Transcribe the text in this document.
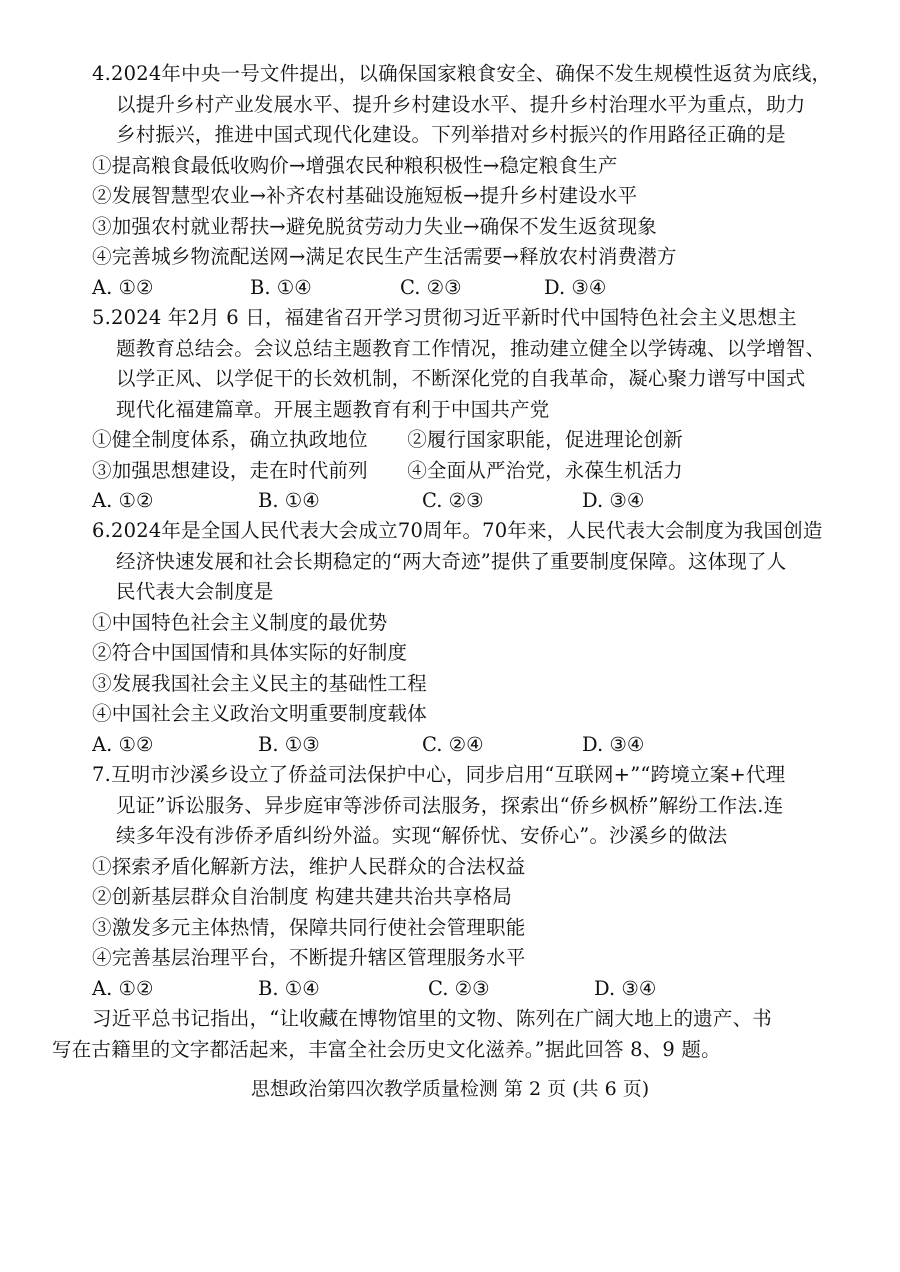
4.2024年中央一号文件提出，以确保国家粮食安全、确保不发生规模性返贫为底线，
以提升乡村产业发展水平、提升乡村建设水平、提升乡村治理水平为重点，助力
乡村振兴，推进中国式现代化建设。下列举措对乡村振兴的作用路径正确的是
①提高粮食最低收购价→增强农民种粮积极性→稳定粮食生产
②发展智慧型农业→补齐农村基础设施短板→提升乡村建设水平
③加强农村就业帮扶→避免脱贫劳动力失业→确保不发生返贫现象
④完善城乡物流配送网→满足农民生产生活需要→释放农村消费潜方
A. ①②	B. ①④	C. ②③	D. ③④
5.2024 年2月 6 日，福建省召开学习贯彻习近平新时代中国特色社会主义思想主
题教育总结会。会议总结主题教育工作情况，推动建立健全以学铸魂、以学增智、
以学正风、以学促干的长效机制，不断深化党的自我革命，凝心聚力谱写中国式
现代化福建篇章。开展主题教育有利于中国共产党
①健全制度体系，确立执政地位　　②履行国家职能，促进理论创新
③加强思想建设，走在时代前列　　④全面从严治党，永葆生机活力
A. ①②	B. ①④	C. ②③	D. ③④
6.2024年是全国人民代表大会成立70周年。70年来，人民代表大会制度为我国创造
经济快速发展和社会长期稳定的“两大奇迹”提供了重要制度保障。这体现了人
民代表大会制度是
①中国特色社会主义制度的最优势
②符合中国国情和具体实际的好制度
③发展我国社会主义民主的基础性工程
④中国社会主义政治文明重要制度载体
A. ①②	B. ①③	C. ②④	D. ③④
7.互明市沙溪乡设立了侨益司法保护中心，同步启用“互联网+”“跨境立案+代理
见证”诉讼服务、异步庭审等涉侨司法服务，探索出“侨乡枫桥”解纷工作法.连
续多年没有涉侨矛盾纠纷外溢。实现“解侨忧、安侨心”。沙溪乡的做法
①探索矛盾化解新方法，维护人民群众的合法权益
②创新基层群众自治制度 构建共建共治共享格局
③激发多元主体热情，保障共同行使社会管理职能
④完善基层治理平台，不断提升辖区管理服务水平
A. ①②	B. ①④	C. ②③	D. ③④
习近平总书记指出，“让收藏在博物馆里的文物、陈列在广阔大地上的遗产、书
写在古籍里的文字都活起来，丰富全社会历史文化滋养。”据此回答 8、9 题。
思想政治第四次教学质量检测 第 2 页 (共 6 页)
